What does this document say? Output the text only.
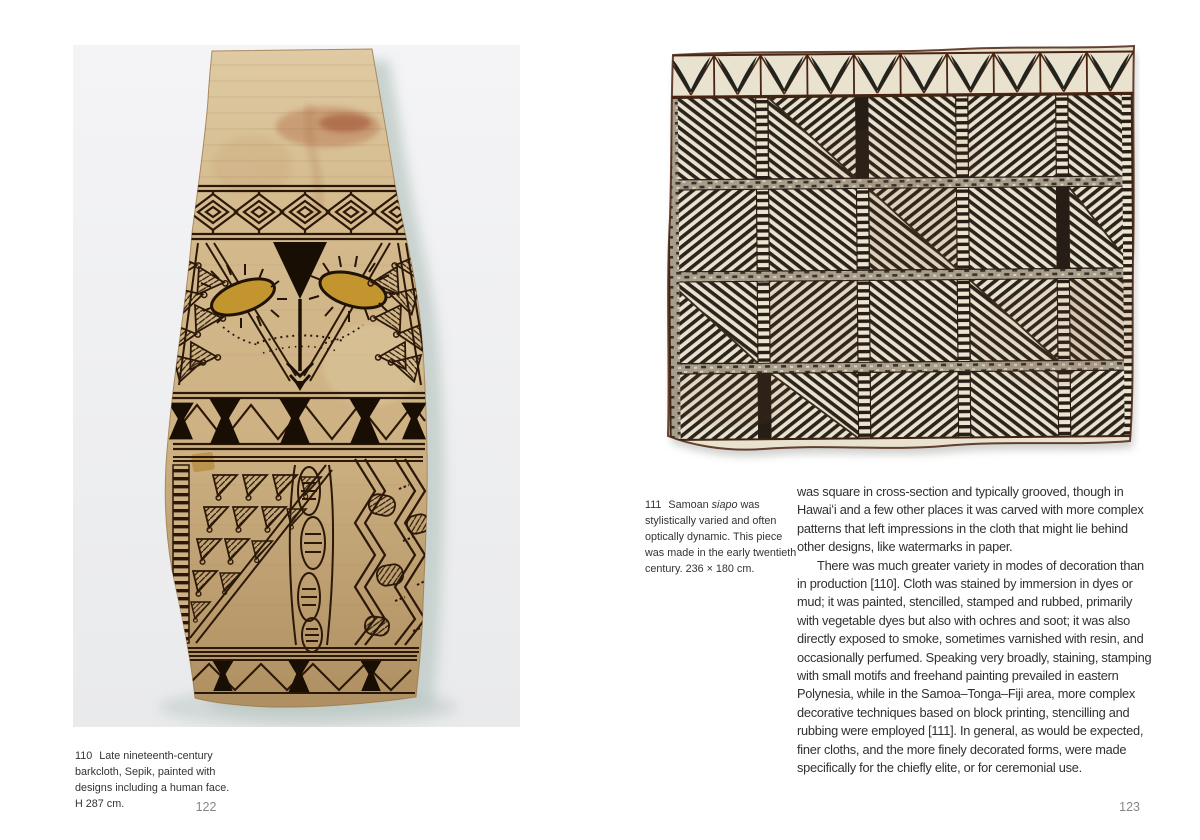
110 Late nineteenth-century
barkcloth, Sepik, painted with
designs including a human face.
H 287 cm.	122

111 Samoan siapo was
stylistically varied and often
optically dynamic. This piece
was made in the early twentieth
century. 236 × 180 cm.

was square in cross-section and typically grooved, though in Hawaiʻi and a few other places it was carved with more complex patterns that left impressions in the cloth that might lie behind other designs, like watermarks in paper.

There was much greater variety in modes of decoration than in production [110]. Cloth was stained by immersion in dyes or mud; it was painted, stencilled, stamped and rubbed, primarily with vegetable dyes but also with ochres and soot; it was also directly exposed to smoke, sometimes varnished with resin, and occasionally perfumed. Speaking very broadly, staining, stamping with small motifs and freehand painting prevailed in eastern Polynesia, while in the Samoa–Tonga–Fiji area, more complex decorative techniques based on block printing, stencilling and rubbing were employed [111]. In general, as would be expected, finer cloths, and the more finely decorated forms, were made specifically for the chiefly elite, or for ceremonial use.

123
